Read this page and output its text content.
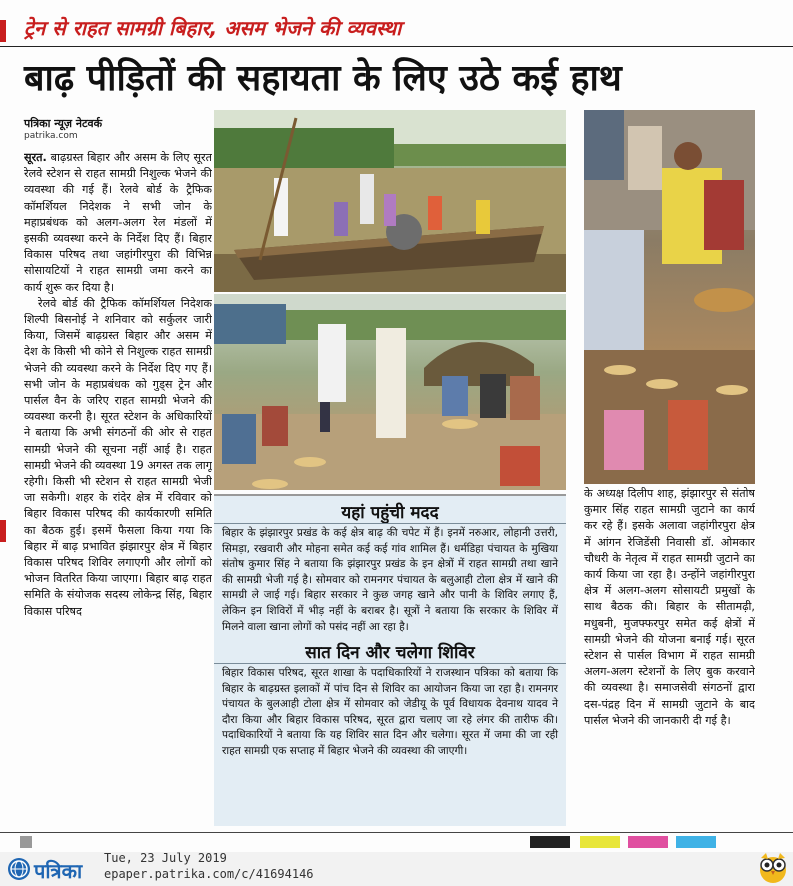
ट्रेन से राहत सामग्री बिहार, असम भेजने की व्यवस्था
बाढ़ पीड़ितों की सहायता के लिए उठे कई हाथ
पत्रिका न्यूज़ नेटवर्क
patrika.com

सूरत. बाढ़ग्रस्त बिहार और असम के लिए सूरत रेलवे स्टेशन से राहत सामग्री निशुल्क भेजने की व्यवस्था की गई हैं। रेलवे बोर्ड के ट्रैफिक कॉमर्शियल निदेशक ने सभी जोन के महाप्रबंधक को अलग-अलग रेल मंडलों में इसकी व्यवस्था करने के निर्देश दिए हैं। बिहार विकास परिषद तथा जहांगीरपुरा की विभिन्न सोसायटियों ने राहत सामग्री जमा करने का कार्य शुरू कर दिया है।

रेलवे बोर्ड की ट्रैफिक कॉमर्शियल निदेशक शिल्पी बिसनोई ने शनिवार को सर्कुलर जारी किया, जिसमें बाढ़ग्रस्त बिहार और असम में देश के किसी भी कोने से निशुल्क राहत सामग्री भेजने की व्यवस्था करने के निर्देश दिए गए हैं। सभी जोन के महाप्रबंधक को गुड्स ट्रेन और पार्सल वैन के जरिए राहत सामग्री भेजने की व्यवस्था करनी है। सूरत स्टेशन के अधिकारियों ने बताया कि अभी संगठनों की ओर से राहत सामग्री भेजने की सूचना नहीं आई है। राहत सामग्री भेजने की व्यवस्था 19 अगस्त तक लागू रहेगी। किसी भी स्टेशन से राहत सामग्री भेजी जा सकेगी। शहर के रांदेर क्षेत्र में रविवार को बिहार विकास परिषद की कार्यकारणी समिति का बैठक हुई। इसमें फैसला किया गया कि बिहार में बाढ़ प्रभावित झंझारपुर क्षेत्र में बिहार विकास परिषद शिविर लगाएगी और लोगों को भोजन वितरित किया जाएगा। बिहार बाढ़ राहत समिति के संयोजक सदस्य लोकेन्द्र सिंह, बिहार विकास परिषद

यहां पहुंची मदद
बिहार के झंझारपुर प्रखंड के कई क्षेत्र बाढ़ की चपेट में हैं। इनमें नरुआर, लोहानी उत्तरी, सिमड़ा, रखवारी और मोहना समेत कई कई गांव शामिल हैं। धर्मडिहा पंचायत के मुखिया संतोष कुमार सिंह ने बताया कि झंझारपुर प्रखंड के इन क्षेत्रों में राहत सामग्री तथा खाने की सामग्री भेजी गई है। सोमवार को रामनगर पंचायत के बलुआही टोला क्षेत्र में खाने की सामग्री ले जाई गई। बिहार सरकार ने कुछ जगह खाने और पानी के शिविर लगाए हैं, लेकिन इन शिविरों में भीड़ नहीं के बराबर है। सूत्रों ने बताया कि सरकार के शिविर में मिलने वाला खाना लोगों को पसंद नहीं आ रहा है।
सात दिन और चलेगा शिविर
बिहार विकास परिषद, सूरत शाखा के पदाधिकारियों ने राजस्थान पत्रिका को बताया कि बिहार के बाढ़ग्रस्त इलाकों में पांच दिन से शिविर का आयोजन किया जा रहा है। रामनगर पंचायत के बुलआही टोला क्षेत्र में सोमवार को जेडीयू के पूर्व विधायक देवनाथ यादव ने दौरा किया और बिहार विकास परिषद, सूरत द्वारा चलाए जा रहे लंगर की तारीफ की। पदाधिकारियों ने बताया कि यह शिविर सात दिन और चलेगा। सूरत में जमा की जा रही राहत सामग्री एक सप्ताह में बिहार भेजने की व्यवस्था की जाएगी।

के अध्यक्ष दिलीप शाह, झंझारपुर से संतोष कुमार सिंह राहत सामग्री जुटाने का कार्य कर रहे हैं। इसके अलावा जहांगीरपुरा क्षेत्र में आंगन रेजिडेंसी निवासी डॉ. ओमकार चौधरी के नेतृत्व में राहत सामग्री जुटाने का कार्य किया जा रहा है। उन्होंने जहांगीरपुरा क्षेत्र में अलग-अलग सोसायटी प्रमुखों के साथ बैठक की। बिहार के सीतामढ़ी, मधुबनी, मुजफ्फरपुर समेत कई क्षेत्रों में सामग्री भेजने की योजना बनाई गई। सूरत स्टेशन से पार्सल विभाग में राहत सामग्री अलग-अलग स्टेशनों के लिए बुक करवाने की व्यवस्था है। समाजसेवी संगठनों द्वारा दस-पंद्रह दिन में सामग्री जुटाने के बाद पार्सल भेजने की जानकारी दी गई है।

पत्रिका
Tue, 23 July 2019
epaper.patrika.com/c/41694146
